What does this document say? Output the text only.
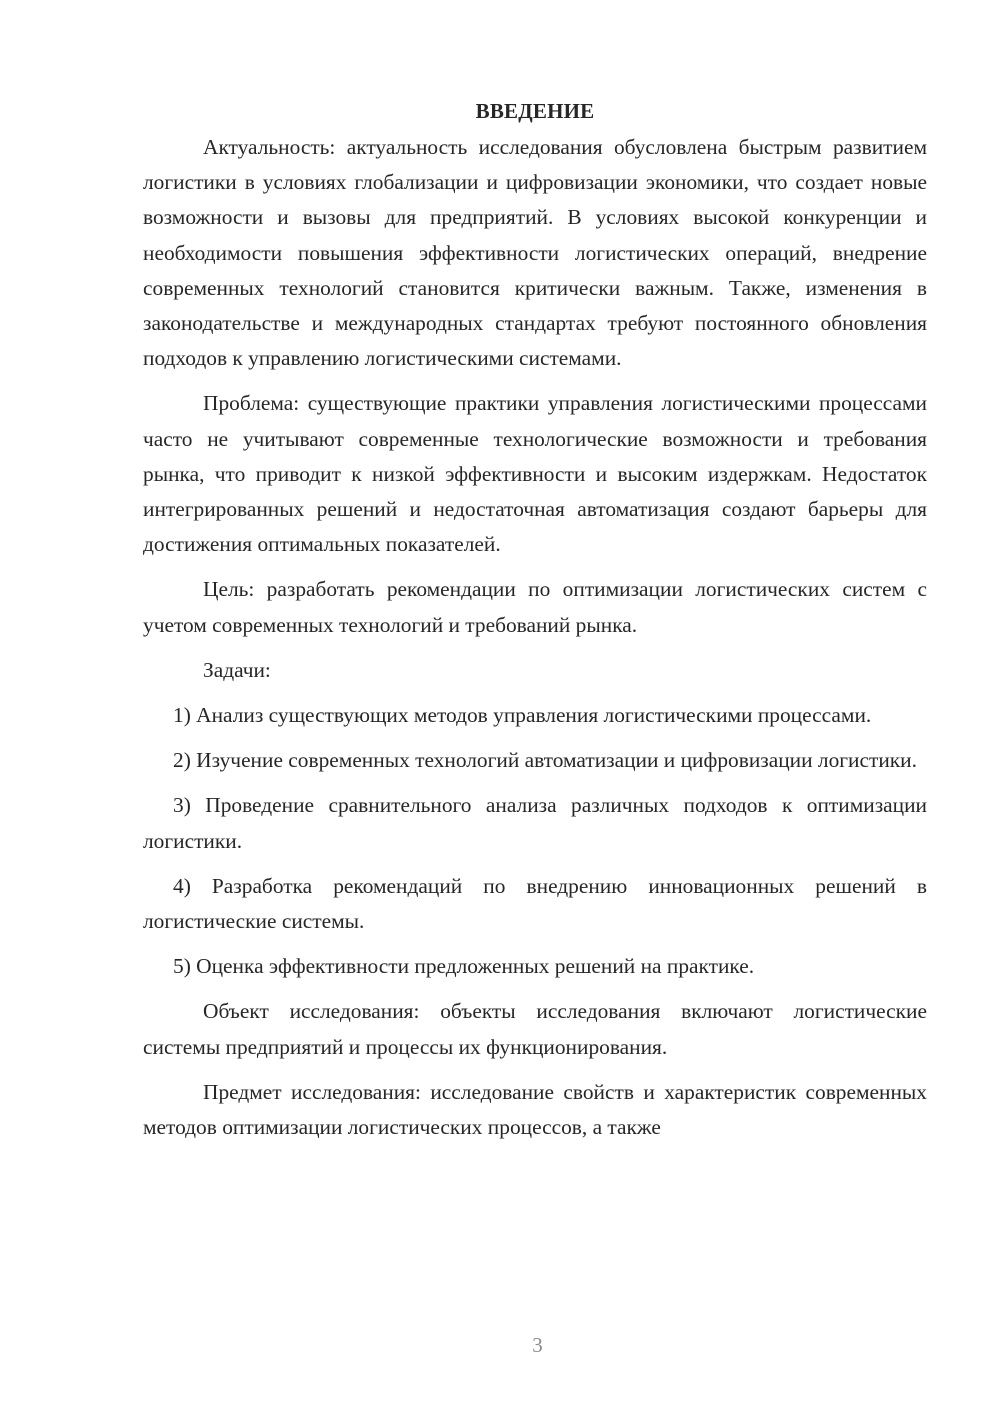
ВВЕДЕНИЕ

Актуальность: актуальность исследования обусловлена быстрым развитием логистики в условиях глобализации и цифровизации экономики, что создает новые возможности и вызовы для предприятий. В условиях высокой конкуренции и необходимости повышения эффективности логистических операций, внедрение современных технологий становится критически важным. Также, изменения в законодательстве и международных стандартах требуют постоянного обновления подходов к управлению логистическими системами.

Проблема: существующие практики управления логистическими процессами часто не учитывают современные технологические возможности и требования рынка, что приводит к низкой эффективности и высоким издержкам. Недостаток интегрированных решений и недостаточная автоматизация создают барьеры для достижения оптимальных показателей.

Цель: разработать рекомендации по оптимизации логистических систем с учетом современных технологий и требований рынка.

Задачи:

1) Анализ существующих методов управления логистическими процессами.

2) Изучение современных технологий автоматизации и цифровизации логистики.

3) Проведение сравнительного анализа различных подходов к оптимизации логистики.

4) Разработка рекомендаций по внедрению инновационных решений в логистические системы.

5) Оценка эффективности предложенных решений на практике.

Объект исследования: объекты исследования включают логистические системы предприятий и процессы их функционирования.

Предмет исследования: исследование свойств и характеристик современных методов оптимизации логистических процессов, а также

3
